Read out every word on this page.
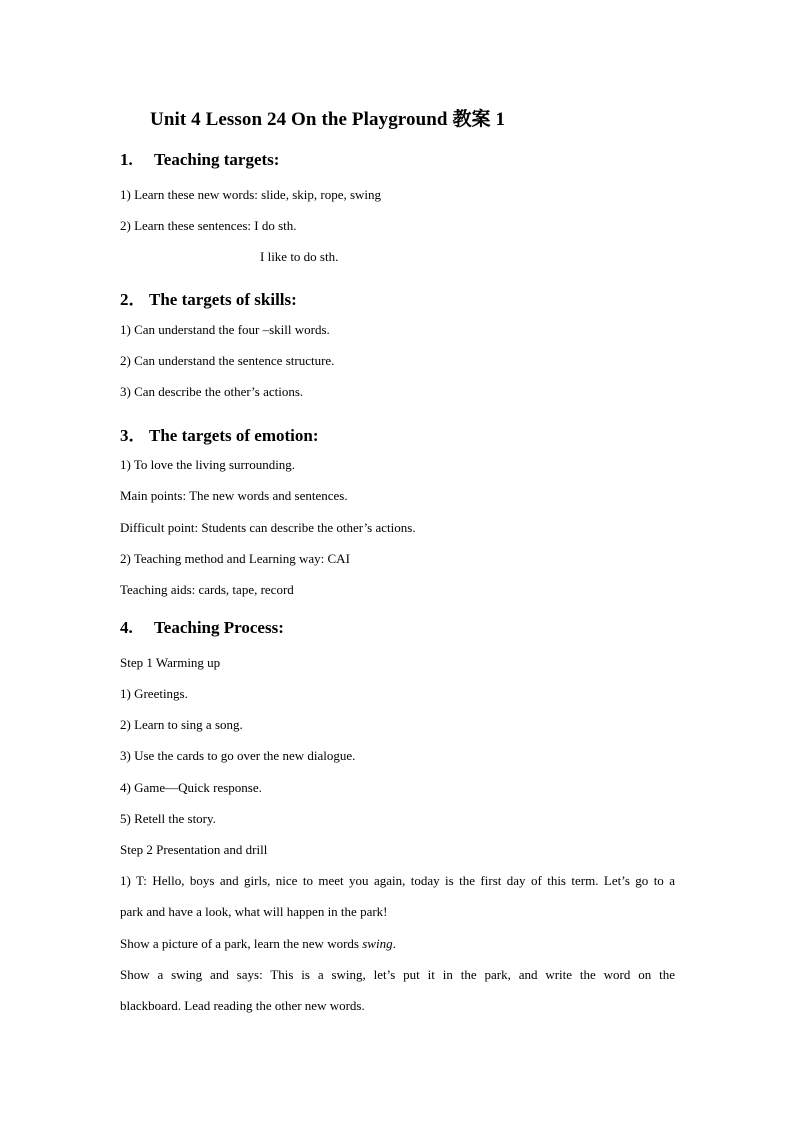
Unit 4 Lesson 24 On the Playground 教案 1
1. Teaching targets:
1) Learn these new words: slide, skip, rope, swing
2) Learn these sentences: I do sth.
I like to do sth.
2． The targets of skills:
1) Can understand the four –skill words.
2) Can understand the sentence structure.
3) Can describe the other’s actions.
3． The targets of emotion:
1) To love the living surrounding.
Main points: The new words and sentences.
Difficult point: Students can describe the other’s actions.
2) Teaching method and Learning way: CAI
Teaching aids: cards, tape, record
4. Teaching Process:
Step 1 Warming up
1) Greetings.
2) Learn to sing a song.
3) Use the cards to go over the new dialogue.
4) Game—Quick response.
5) Retell the story.
Step 2 Presentation and drill
1) T: Hello, boys and girls, nice to meet you again, today is the first day of this term. Let’s go to a
park and have a look, what will happen in the park!
Show a picture of a park, learn the new words swing.
Show a swing and says: This is a swing, let’s put it in the park, and write the word on the
blackboard. Lead reading the other new words.
